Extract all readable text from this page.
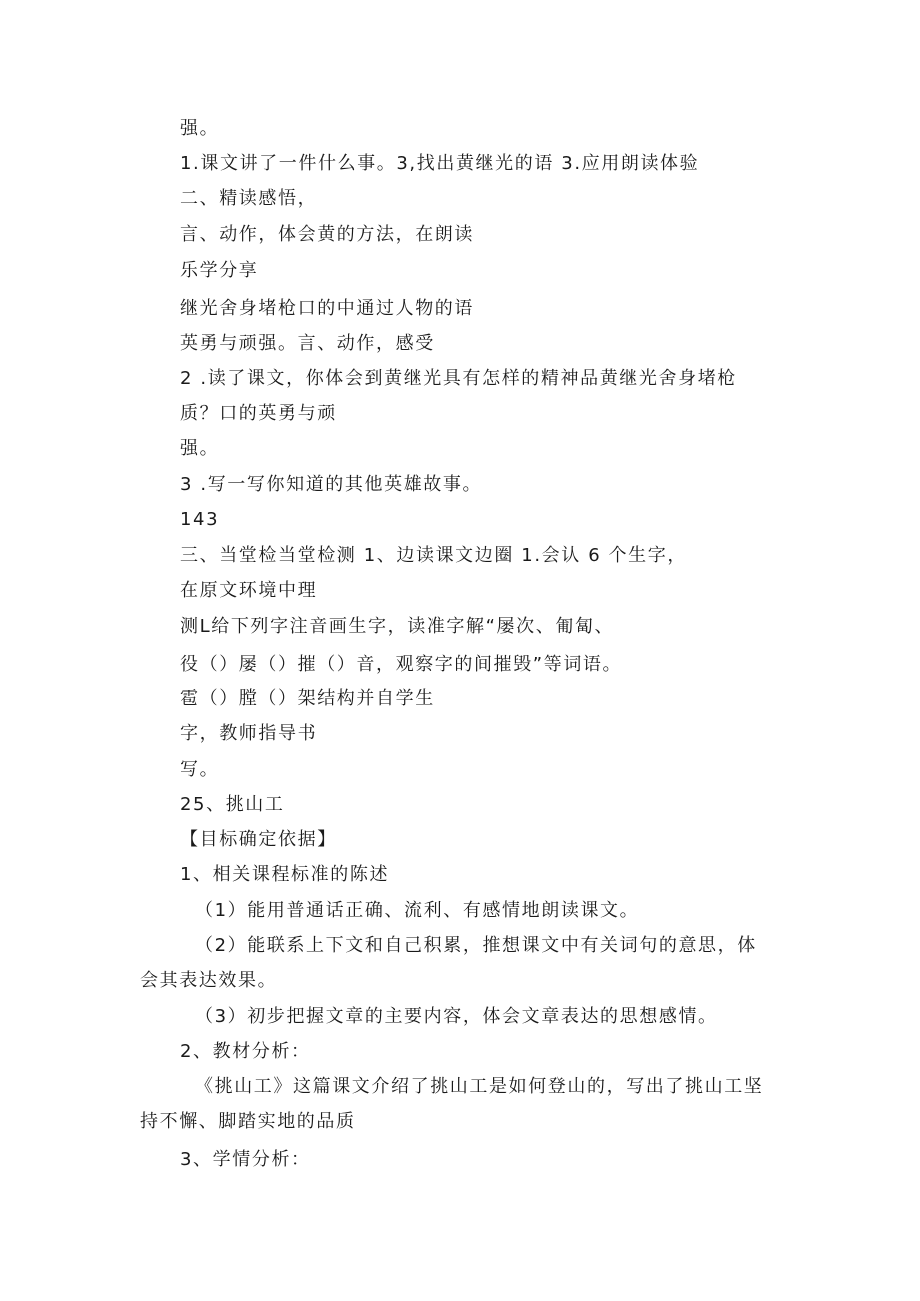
强。
1.课文讲了一件什么事。3,找出黄继光的语 3.应用朗读体验
二、精读感悟，
言、动作，体会黄的方法，在朗读
乐学分享
继光舍身堵枪口的中通过人物的语
英勇与顽强。言、动作，感受
2 .读了课文，你体会到黄继光具有怎样的精神品黄继光舍身堵枪
质？口的英勇与顽
强。
3 .写一写你知道的其他英雄故事。
143
三、当堂检当堂检测 1、边读课文边圈 1.会认 6 个生字，
在原文环境中理
测L给下列字注音画生字，读准字解“屡次、匍匐、
役（）屡（）摧（）音，观察字的间摧毁”等词语。
雹（）膛（）架结构并自学生
字，教师指导书
写。
25、挑山工
【目标确定依据】
1、相关课程标准的陈述
（1）能用普通话正确、流利、有感情地朗读课文。
（2）能联系上下文和自己积累，推想课文中有关词句的意思，体
会其表达效果。
（3）初步把握文章的主要内容，体会文章表达的思想感情。
2、教材分析：
《挑山工》这篇课文介绍了挑山工是如何登山的，写出了挑山工坚
持不懈、脚踏实地的品质
3、学情分析：
